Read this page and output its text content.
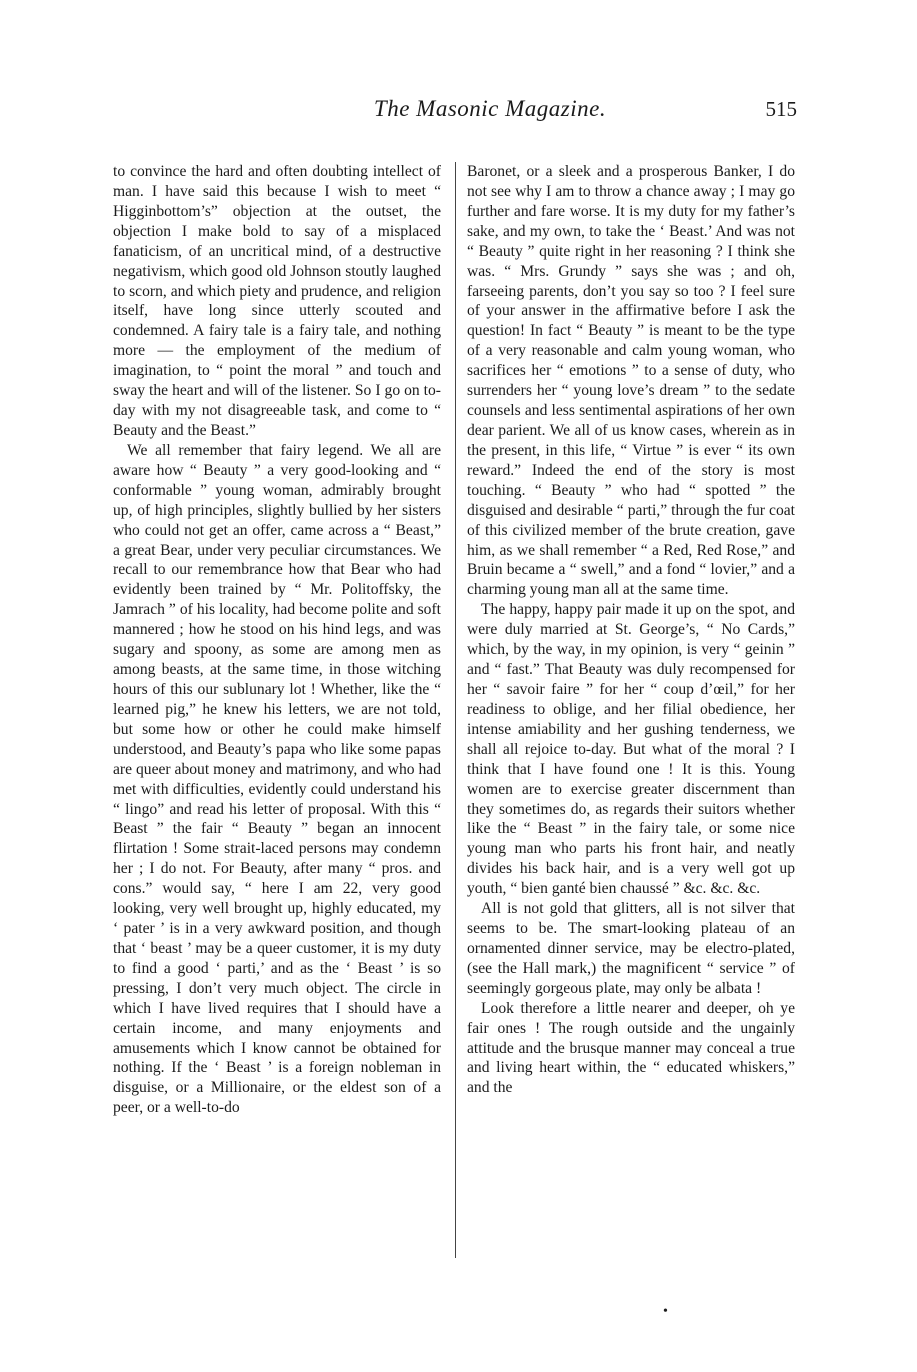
The Masonic Magazine.	515

to convince the hard and often doubting intellect of man. I have said this because I wish to meet “ Higginbottom’s” objection at the outset, the objection I make bold to say of a misplaced fanaticism, of an uncritical mind, of a destructive negativism, which good old Johnson stoutly laughed to scorn, and which piety and prudence, and religion itself, have long since utterly scouted and condemned. A fairy tale is a fairy tale, and nothing more — the employment of the medium of imagination, to “ point the moral ” and touch and sway the heart and will of the listener. So I go on to-day with my not disagreeable task, and come to “ Beauty and the Beast.”

We all remember that fairy legend. We all are aware how “ Beauty ” a very good-looking and “ conformable ” young woman, admirably brought up, of high principles, slightly bullied by her sisters who could not get an offer, came across a “ Beast,” a great Bear, under very peculiar circumstances. We recall to our remembrance how that Bear who had evidently been trained by “ Mr. Politoffsky, the Jamrach ” of his locality, had become polite and soft mannered ; how he stood on his hind legs, and was sugary and spoony, as some are among men as among beasts, at the same time, in those witching hours of this our sublunary lot ! Whether, like the “ learned pig,” he knew his letters, we are not told, but some how or other he could make himself understood, and Beauty’s papa who like some papas are queer about money and matrimony, and who had met with difficulties, evidently could understand his “ lingo” and read his letter of proposal. With this “ Beast ” the fair “ Beauty ” began an innocent flirtation ! Some strait-laced persons may condemn her ; I do not. For Beauty, after many “ pros. and cons.” would say, “ here I am 22, very good looking, very well brought up, highly educated, my ‘ pater ’ is in a very awkward position, and though that ‘ beast ’ may be a queer customer, it is my duty to find a good ‘ parti,’ and as the ‘ Beast ’ is so pressing, I don’t very much object. The circle in which I have lived requires that I should have a certain income, and many enjoyments and amusements which I know cannot be obtained for nothing. If the ‘ Beast ’ is a foreign nobleman in disguise, or a Millionaire, or the eldest son of a peer, or a well-to-do

Baronet, or a sleek and a prosperous Banker, I do not see why I am to throw a chance away ; I may go further and fare worse. It is my duty for my father’s sake, and my own, to take the ‘ Beast.’ And was not “ Beauty ” quite right in her reasoning ? I think she was. “ Mrs. Grundy ” says she was ; and oh, farseeing parents, don’t you say so too ? I feel sure of your answer in the affirmative before I ask the question! In fact “ Beauty ” is meant to be the type of a very reasonable and calm young woman, who sacrifices her “ emotions ” to a sense of duty, who surrenders her “ young love’s dream ” to the sedate counsels and less sentimental aspirations of her own dear parient. We all of us know cases, wherein as in the present, in this life, “ Virtue ” is ever “ its own reward.” Indeed the end of the story is most touching. “ Beauty ” who had “ spotted ” the disguised and desirable “ parti,” through the fur coat of this civilized member of the brute creation, gave him, as we shall remember “ a Red, Red Rose,” and Bruin became a “ swell,” and a fond “ lovier,” and a charming young man all at the same time.

The happy, happy pair made it up on the spot, and were duly married at St. George’s, “ No Cards,” which, by the way, in my opinion, is very “ geinin ” and “ fast.” That Beauty was duly recompensed for her “ savoir faire ” for her “ coup d’œil,” for her readiness to oblige, and her filial obedience, her intense amiability and her gushing tenderness, we shall all rejoice to-day. But what of the moral ? I think that I have found one ! It is this. Young women are to exercise greater discernment than they sometimes do, as regards their suitors whether like the “ Beast ” in the fairy tale, or some nice young man who parts his front hair, and neatly divides his back hair, and is a very well got up youth, “ bien ganté bien chaussé ” &c. &c. &c.

All is not gold that glitters, all is not silver that seems to be. The smart-looking plateau of an ornamented dinner service, may be electro-plated, (see the Hall mark,) the magnificent “ service ” of seemingly gorgeous plate, may only be albata !

Look therefore a little nearer and deeper, oh ye fair ones ! The rough outside and the ungainly attitude and the brusque manner may conceal a true and living heart within, the “ educated whiskers,” and the

•
